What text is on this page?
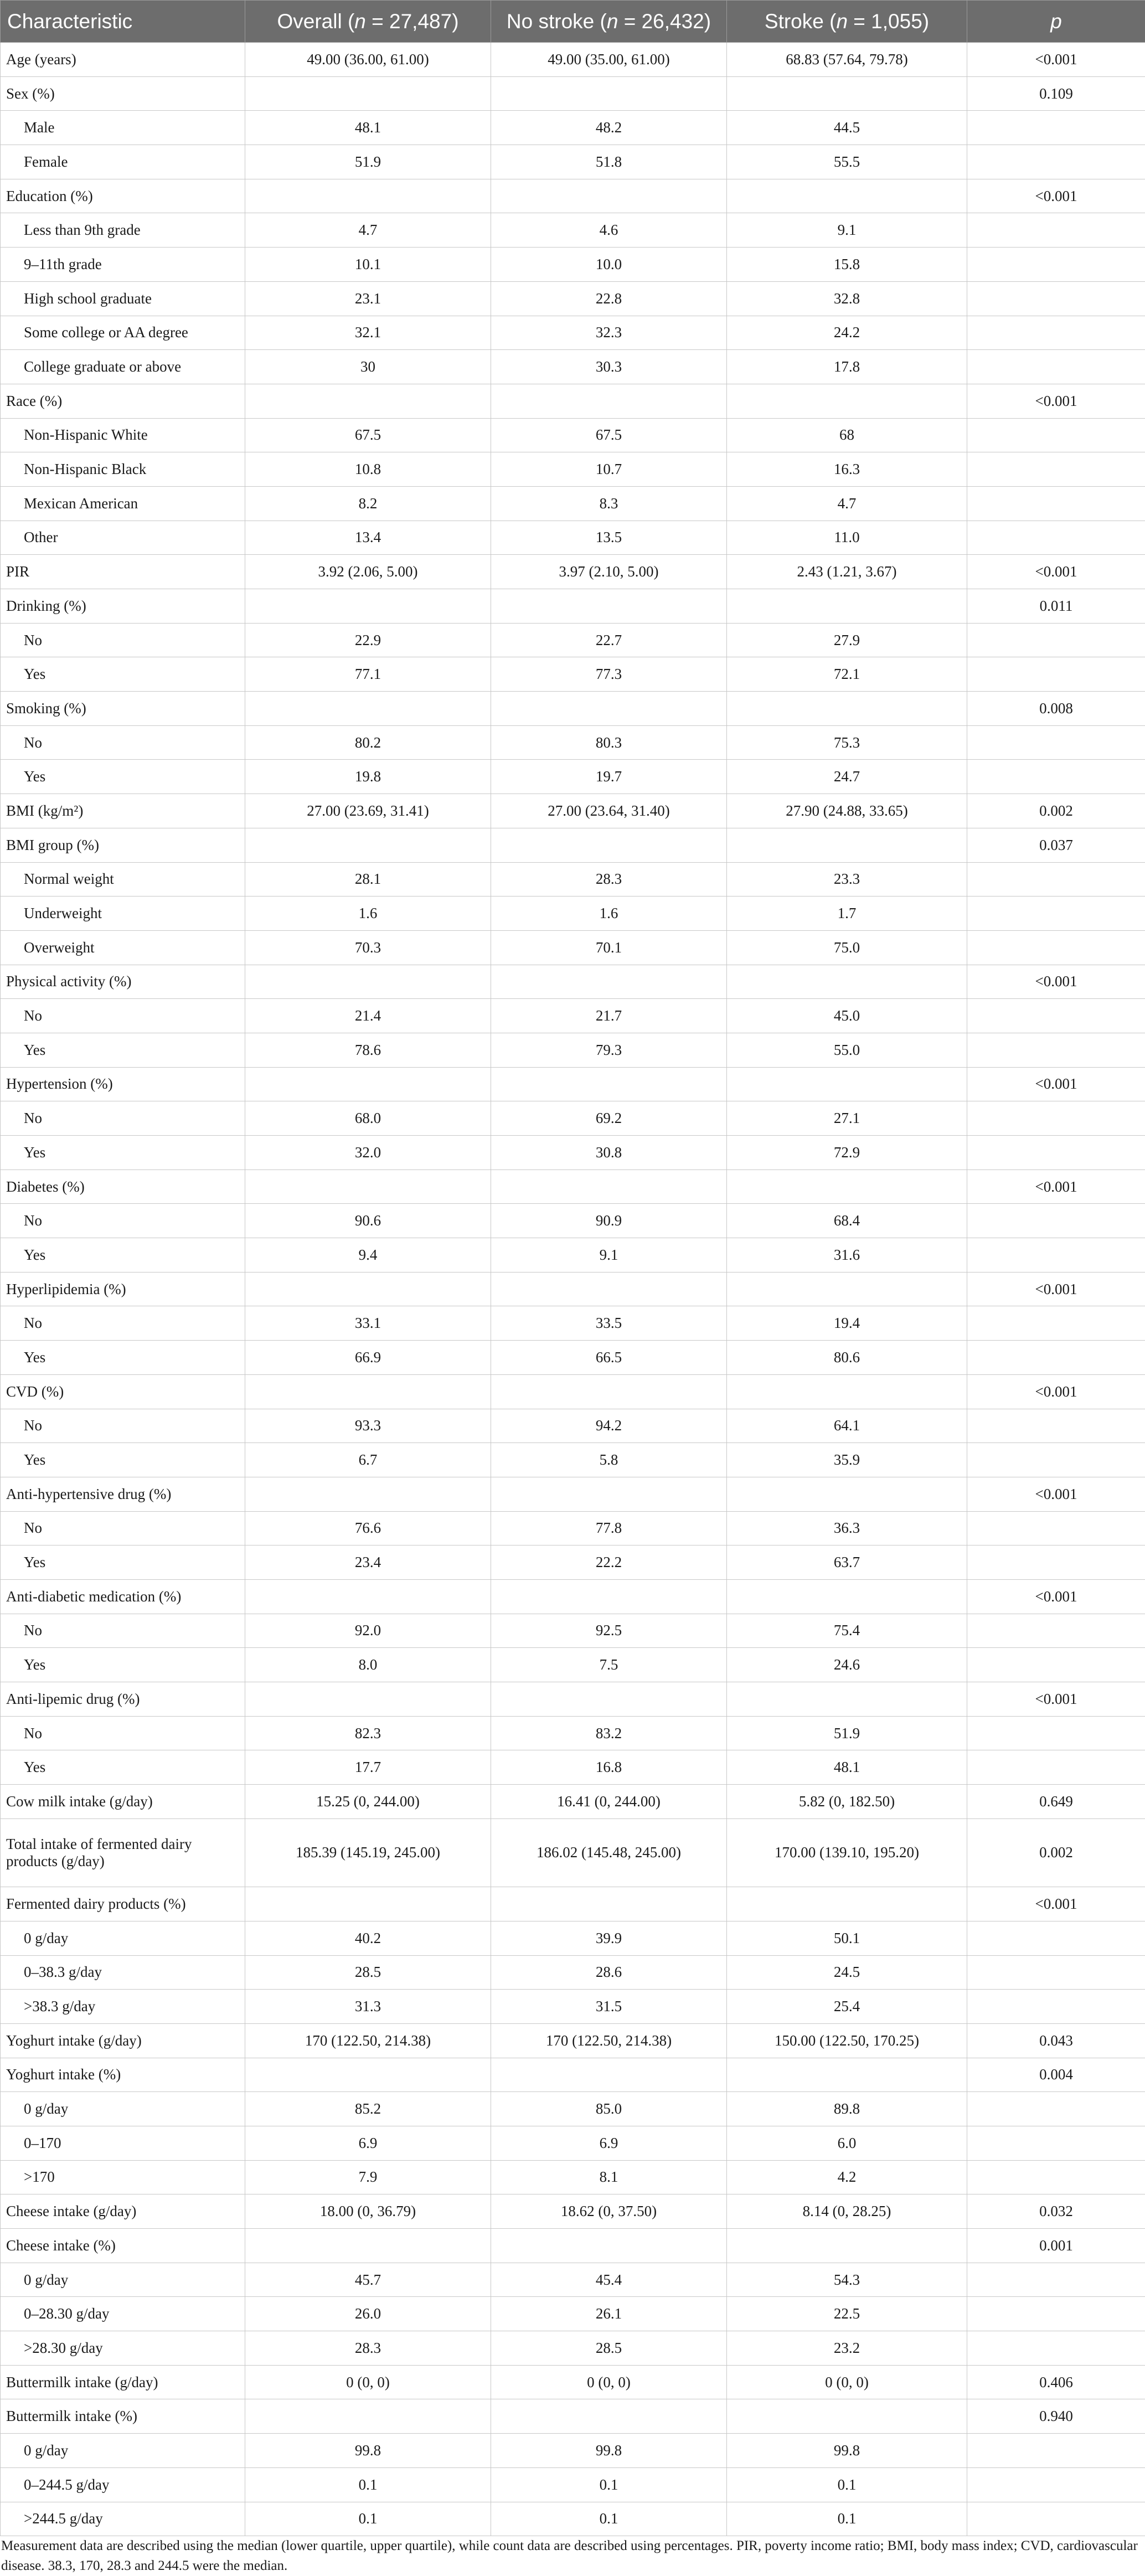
Characteristic	Overall (n = 27,487)	No stroke (n = 26,432)	Stroke (n = 1,055)	p
Age (years)	49.00 (36.00, 61.00)	49.00 (35.00, 61.00)	68.83 (57.64, 79.78)	<0.001
Sex (%)				0.109
Male	48.1	48.2	44.5	
Female	51.9	51.8	55.5	
Education (%)				<0.001
Less than 9th grade	4.7	4.6	9.1	
9–11th grade	10.1	10.0	15.8	
High school graduate	23.1	22.8	32.8	
Some college or AA degree	32.1	32.3	24.2	
College graduate or above	30	30.3	17.8	
Race (%)				<0.001
Non-Hispanic White	67.5	67.5	68	
Non-Hispanic Black	10.8	10.7	16.3	
Mexican American	8.2	8.3	4.7	
Other	13.4	13.5	11.0	
PIR	3.92 (2.06, 5.00)	3.97 (2.10, 5.00)	2.43 (1.21, 3.67)	<0.001
Drinking (%)				0.011
No	22.9	22.7	27.9	
Yes	77.1	77.3	72.1	
Smoking (%)				0.008
No	80.2	80.3	75.3	
Yes	19.8	19.7	24.7	
BMI (kg/m²)	27.00 (23.69, 31.41)	27.00 (23.64, 31.40)	27.90 (24.88, 33.65)	0.002
BMI group (%)				0.037
Normal weight	28.1	28.3	23.3	
Underweight	1.6	1.6	1.7	
Overweight	70.3	70.1	75.0	
Physical activity (%)				<0.001
No	21.4	21.7	45.0	
Yes	78.6	79.3	55.0	
Hypertension (%)				<0.001
No	68.0	69.2	27.1	
Yes	32.0	30.8	72.9	
Diabetes (%)				<0.001
No	90.6	90.9	68.4	
Yes	9.4	9.1	31.6	
Hyperlipidemia (%)				<0.001
No	33.1	33.5	19.4	
Yes	66.9	66.5	80.6	
CVD (%)				<0.001
No	93.3	94.2	64.1	
Yes	6.7	5.8	35.9	
Anti-hypertensive drug (%)				<0.001
No	76.6	77.8	36.3	
Yes	23.4	22.2	63.7	
Anti-diabetic medication (%)				<0.001
No	92.0	92.5	75.4	
Yes	8.0	7.5	24.6	
Anti-lipemic drug (%)				<0.001
No	82.3	83.2	51.9	
Yes	17.7	16.8	48.1	
Cow milk intake (g/day)	15.25 (0, 244.00)	16.41 (0, 244.00)	5.82 (0, 182.50)	0.649
Total intake of fermented dairy products (g/day)	185.39 (145.19, 245.00)	186.02 (145.48, 245.00)	170.00 (139.10, 195.20)	0.002
Fermented dairy products (%)				<0.001
0 g/day	40.2	39.9	50.1	
0–38.3 g/day	28.5	28.6	24.5	
>38.3 g/day	31.3	31.5	25.4	
Yoghurt intake (g/day)	170 (122.50, 214.38)	170 (122.50, 214.38)	150.00 (122.50, 170.25)	0.043
Yoghurt intake (%)				0.004
0 g/day	85.2	85.0	89.8	
0–170	6.9	6.9	6.0	
>170	7.9	8.1	4.2	
Cheese intake (g/day)	18.00 (0, 36.79)	18.62 (0, 37.50)	8.14 (0, 28.25)	0.032
Cheese intake (%)				0.001
0 g/day	45.7	45.4	54.3	
0–28.30 g/day	26.0	26.1	22.5	
>28.30 g/day	28.3	28.5	23.2	
Buttermilk intake (g/day)	0 (0, 0)	0 (0, 0)	0 (0, 0)	0.406
Buttermilk intake (%)				0.940
0 g/day	99.8	99.8	99.8	
0–244.5 g/day	0.1	0.1	0.1	
>244.5 g/day	0.1	0.1	0.1	
Measurement data are described using the median (lower quartile, upper quartile), while count data are described using percentages. PIR, poverty income ratio; BMI, body mass index; CVD, cardiovascular disease. 38.3, 170, 28.3 and 244.5 were the median.
